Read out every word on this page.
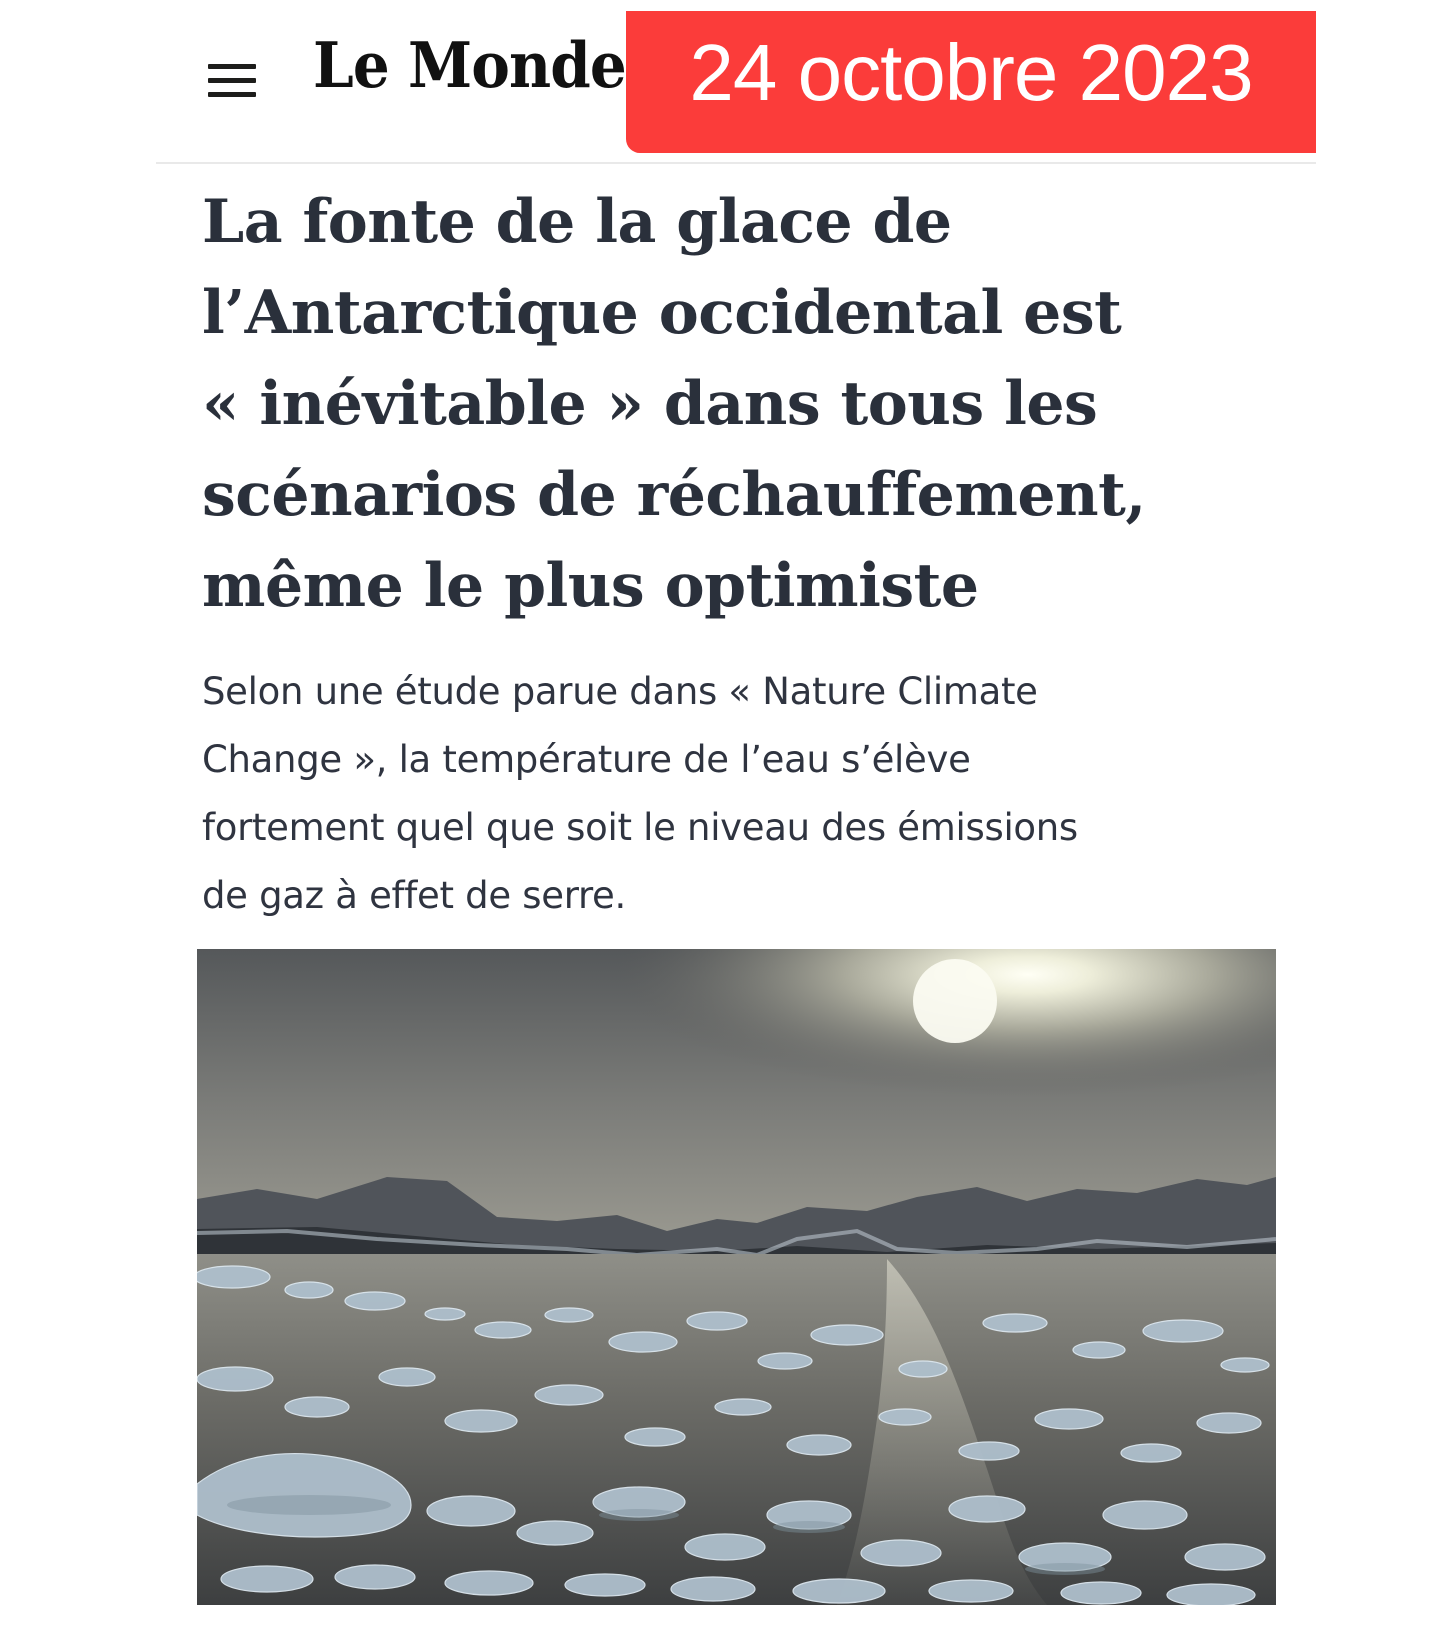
Le Monde 24 octobre 2023
La fonte de la glace de
l’Antarctique occidental est
« inévitable » dans tous les
scénarios de réchauffement,
même le plus optimiste

Selon une étude parue dans « Nature Climate
Change », la température de l’eau s’élève
fortement quel que soit le niveau des émissions
de gaz à effet de serre.
